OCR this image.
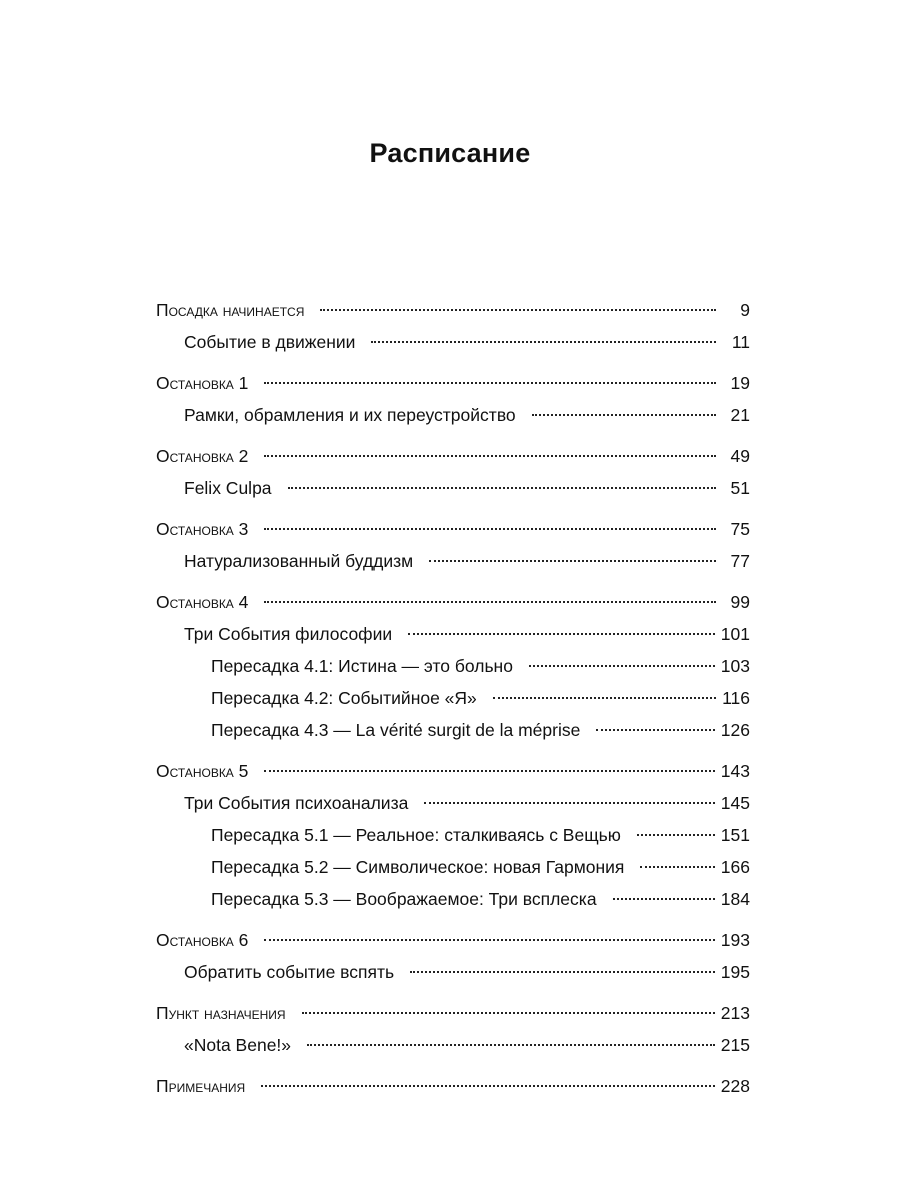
Расписание
Посадка начинается	9
Событие в движении	11
Остановка 1	19
Рамки, обрамления и их переустройство	21
Остановка 2	49
Felix Culpa	51
Остановка 3	75
Натурализованный буддизм	77
Остановка 4	99
Три События философии	101
Пересадка 4.1: Истина — это больно	103
Пересадка 4.2: Событийное «Я»	116
Пересадка 4.3 — La vérité surgit de la méprise	126
Остановка 5	143
Три События психоанализа	145
Пересадка 5.1 — Реальное: сталкиваясь с Вещью	151
Пересадка 5.2 — Символическое: новая Гармония	166
Пересадка 5.3 — Воображаемое: Три всплеска	184
Остановка 6	193
Обратить событие вспять	195
Пункт назначения	213
«Nota Bene!»	215
Примечания	228
